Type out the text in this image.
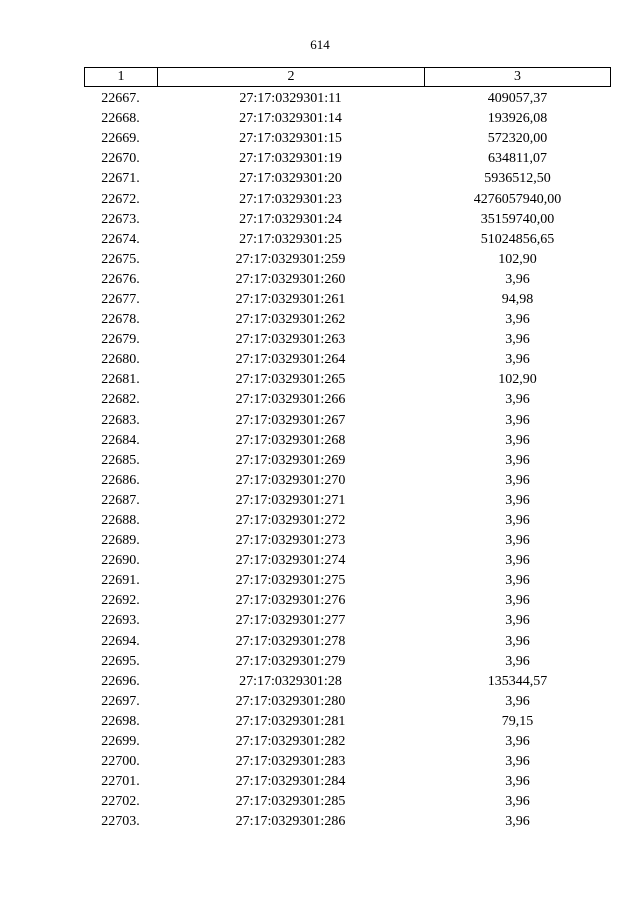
614
1	2	3
22667.	27:17:0329301:11	409057,37
22668.	27:17:0329301:14	193926,08
22669.	27:17:0329301:15	572320,00
22670.	27:17:0329301:19	634811,07
22671.	27:17:0329301:20	5936512,50
22672.	27:17:0329301:23	4276057940,00
22673.	27:17:0329301:24	35159740,00
22674.	27:17:0329301:25	51024856,65
22675.	27:17:0329301:259	102,90
22676.	27:17:0329301:260	3,96
22677.	27:17:0329301:261	94,98
22678.	27:17:0329301:262	3,96
22679.	27:17:0329301:263	3,96
22680.	27:17:0329301:264	3,96
22681.	27:17:0329301:265	102,90
22682.	27:17:0329301:266	3,96
22683.	27:17:0329301:267	3,96
22684.	27:17:0329301:268	3,96
22685.	27:17:0329301:269	3,96
22686.	27:17:0329301:270	3,96
22687.	27:17:0329301:271	3,96
22688.	27:17:0329301:272	3,96
22689.	27:17:0329301:273	3,96
22690.	27:17:0329301:274	3,96
22691.	27:17:0329301:275	3,96
22692.	27:17:0329301:276	3,96
22693.	27:17:0329301:277	3,96
22694.	27:17:0329301:278	3,96
22695.	27:17:0329301:279	3,96
22696.	27:17:0329301:28	135344,57
22697.	27:17:0329301:280	3,96
22698.	27:17:0329301:281	79,15
22699.	27:17:0329301:282	3,96
22700.	27:17:0329301:283	3,96
22701.	27:17:0329301:284	3,96
22702.	27:17:0329301:285	3,96
22703.	27:17:0329301:286	3,96
